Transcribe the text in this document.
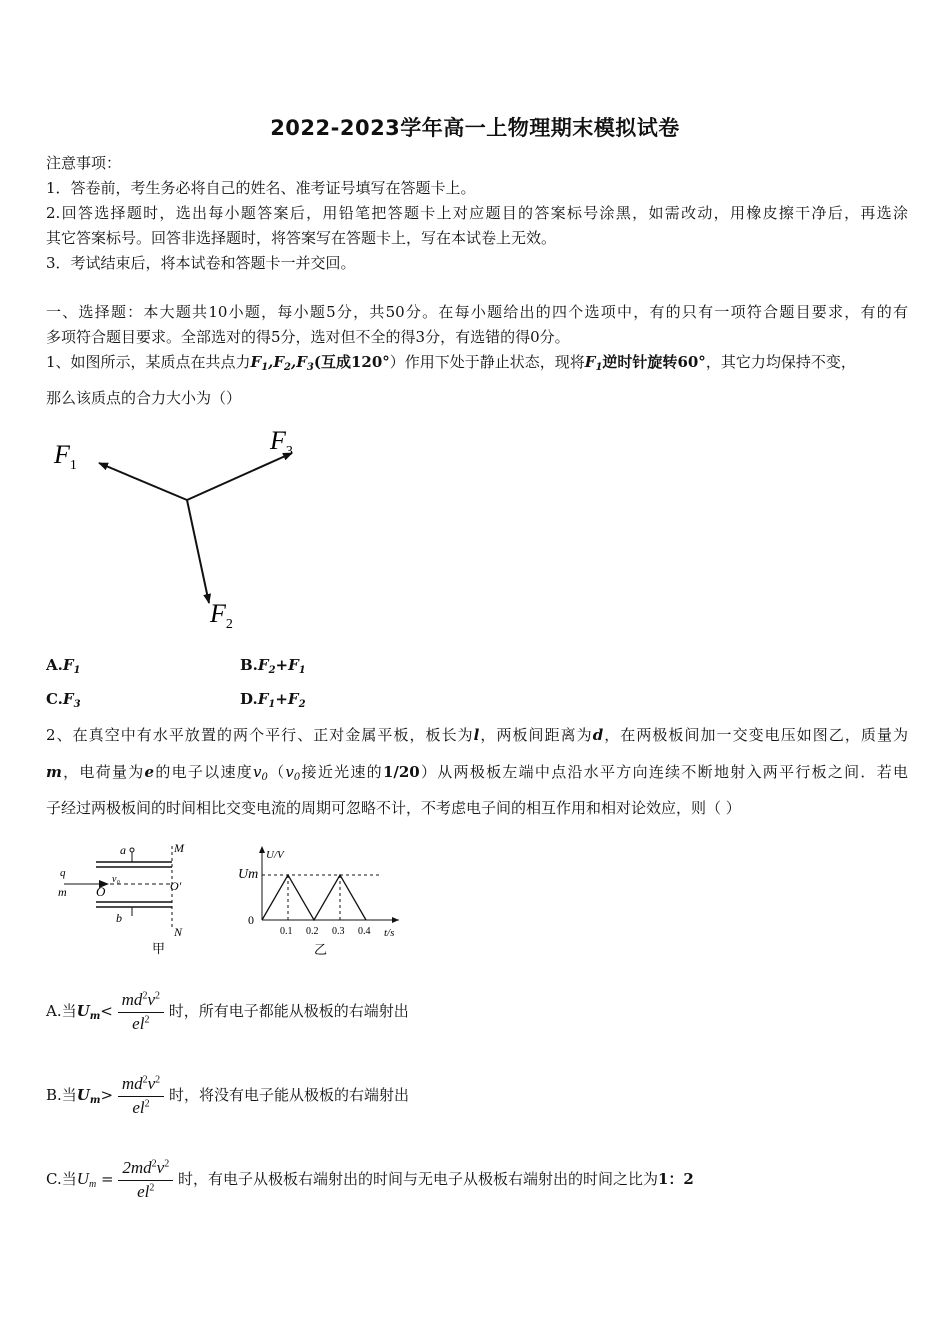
2022-2023学年高一上物理期末模拟试卷
注意事项：
1．答卷前，考生务必将自己的姓名、准考证号填写在答题卡上。
2.回答选择题时，选出每小题答案后，用铅笔把答题卡上对应题目的答案标号涂黑，如需改动，用橡皮擦干净后，再选涂
其它答案标号。回答非选择题时，将答案写在答题卡上，写在本试卷上无效。
3．考试结束后，将本试卷和答题卡一并交回。
一、选择题：本大题共10小题，每小题5分，共50分。在每小题给出的四个选项中，有的只有一项符合题目要求，有的有
多项符合题目要求。全部选对的得5分，选对但不全的得3分，有选错的得0分。
1、如图所示，某质点在共点力$F_1,F_2,F_3$(互成120°）作用下处于静止状态，现将$F_1$逆时针旋转60°，其它力均保持不变，
那么该质点的合力大小为（）
$F_1$
$F_3$
$F_2$
$A.F_1$	$B.F_2+F_1$
$C.F_3$	$D.F_1+F_2$
2、在真空中有水平放置的两个平行、正对金属平板，板长为l，两板间距离为d，在两极板间加一交变电压如图乙，质量为
m，电荷量为e的电子以速度$v_0(v_0$接近光速的1/20）从两极板左端中点沿水平方向连续不断地射入两平行板之间．若电
子经过两极板间的时间相比交变电流的周期可忽略不计，不考虑电子间的相互作用和相对论效应，则（ ）
a
b
M
N
q
m O	O'
v₀
甲
U/V
Um
0
t/s
0.1 0.2 0.3 0.4
乙
A.当$U_m< \frac{md^2v^2}{el^2}$ 时，所有电子都能从极板的右端射出
B.当$U_m> \frac{md^2v^2}{el^2}$ 时，将没有电子能从极板的右端射出
C.当$U_m = \frac{2md^2v^2}{el^2}$ 时，有电子从极板右端射出的时间与无电子从极板右端射出的时间之比为1：2
